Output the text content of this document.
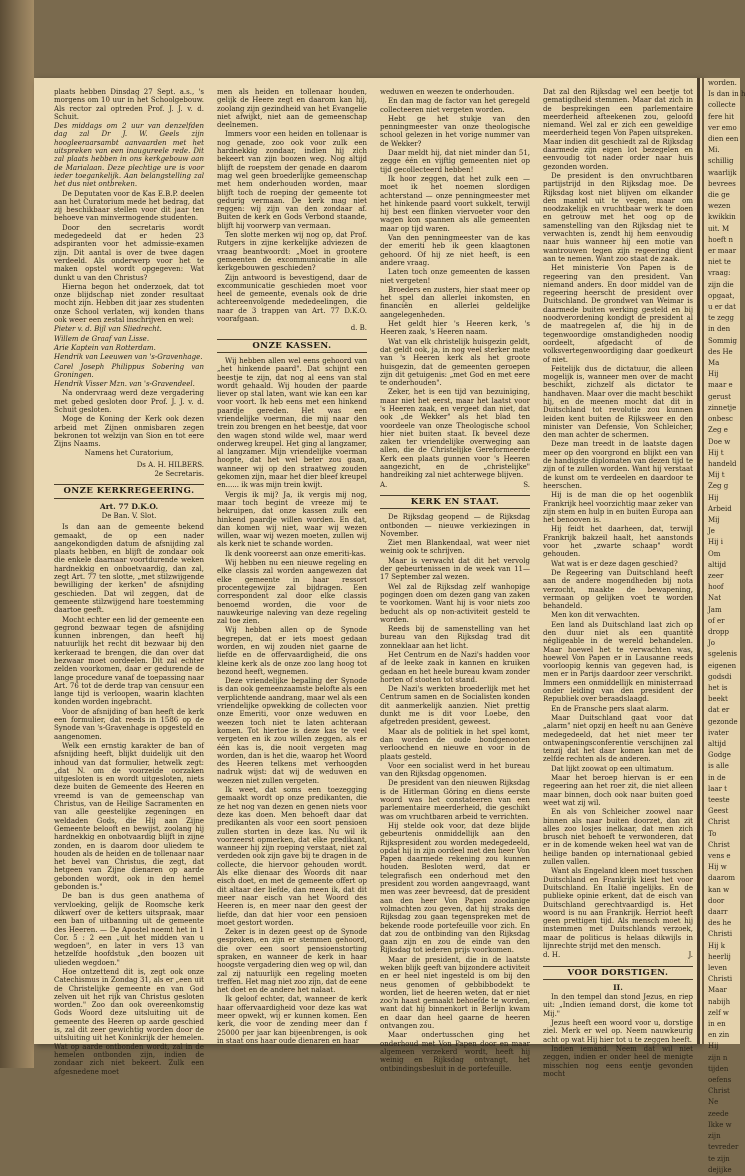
plaats hebben Dinsdag 27 Sept. a.s., 's morgens om 10 uur in het Schoolgebouw. Als rector zal optreden Prof. J. J. v. d. Schuit.

Des middags om 2 uur van denzelfden dag zal Dr J. W. Geels zijn hoogleeraarsambt aanvaarden met het uitspreken van een inaugureele rede. Dit zal plaats hebben in ons kerkgebouw aan de Marialaan. Deze plechtige ure is voor ieder toegankelijk. Aan belangstelling zal het dus niet ontbreken.

De Deputaten voor de Kas E.B.P. deelen aan het Curatorium mede het bedrag, dat zij beschikbaar stellen voor dit jaar ten behoeve van minvermogende studenten.

Door den secretaris wordt medegedeeld dat er heden 23 adspiranten voor het admissie-examen zijn. Dit aantal is over de twee dagen verdeeld. Als onderwerp voor het te maken opstel wordt opgegeven: Wat dunkt u van den Christus?

Hierna begon het onderzoek, dat tot onze blijdschap niet zonder resultaat mocht zijn. Hebben dit jaar zes studenten onze School verlaten, wij konden thans ook weer een zestal inschrijven en wel:

Pieter v. d. Bijl van Sliedrecht.

Willem de Graaf van Lisse.

Arie Kaptein van Rotterdam.

Hendrik van Leeuwen van 's-Gravenhage.

Carel Joseph Philippus Sobering van Groningen.

Hendrik Visser Mzn. van 's-Gravendeel.

Na ondervraag werd deze vergadering met gebed gesloten door Prof. J. J. v. d. Schuit gesloten.

Moge de Koning der Kerk ook dezen arbeid met Zijnen onmisbaren zegen bekronen tot welzijn van Sion en tot eere Zijns Naams.

Namens het Curatorium,
Ds A. H. HILBERS.
2e Secretaris.
ONZE KERKREGEERING.
Art. 77 D.K.O.
De Ban. V. Slot.

Is dan aan de gemeente bekend gemaakt, de op een nader aangekondigden datum de afsnijding zal plaats hebben, en blijft de zondaar ook die enkele daarnaar voortdurende weken hardnekkig en onboetvaardig, dan zal, zegt Art. 77 ten slotte, „met stilzwijgende bewilliging der kerken" de afsnijding geschieden. Dat wil zeggen, dat de gemeente stilzwijgend hare toestemming daartoe geeft.

Mocht echter een lid der gemeente een gegrond bezwaar tegen de afsnijding kunnen inbrengen, dan heeft hij natuurlijk het recht dit bezwaar bij den kerkeraad te brengen, die dan over dat bezwaar moet oordeelen. Dit zal echter zelden voorkomen, daar er gedurende de lange procedure vanaf de toepassing naar Art. 76 tot de derde trap van censuur een lange tijd is verloopen, waarin klachten konden worden ingebracht.

Voor de afsnijding of ban heeft de kerk een formulier, dat reeds in 1586 op de Synode van 's-Gravenhage is opgesteld en aangenomen.

Welk een ernstig karakter de ban of afsnijding heeft, blijkt duidelijk uit den inhoud van dat formulier, hetwelk zegt: „dat N. om de voorzeide oorzaken uitgesloten is en wordt uitgesloten, niets deze buiten de Gemeente des Heeren en vreemd is van de gemeenschap van Christus, van de Heilige Sacramenten en van alle geestelijke zegeningen en weldaden Gods, die Hij aan Zijne Gemeente belooft en bewijst, zoolang hij hardnekkig en onbotvaardig blijft in zijne zonden, en is daarom door uliedem te houden als de heiden en de tollenaar naar het bevel van Christus, die zegt, dat hetgeen van Zijne dienaren op aarde gebonden wordt, ook in den hemel gebonden is."

De ban is dus geen anathema of vervloeking, gelijk de Roomsche kerk dikwerf over de ketters uitspraak, maar een ban of uitbanning uit de gemeente des Heeren. — De Apostel noemt het in 1 Cor. 5 : 2 een „uit het midden van u wegdoen", en later in vers 13 van hetzelfde hoofdstuk „den boozen uit ulieden wegdoen."

Hoe ontzettend dit is, zegt ook onze Catechismus in Zondag 31, als er „een uit de Christelijke gemeente en van God zelven uit het rijk van Christus gesloten worden." Zoo dan ook overeenkomstig Gods Woord deze uitsluiting uit de gemeente des Heeren op aarde geschied is, zal dit zeer gewichtig worden door de uitsluiting uit het Koninkrijk der hemelen. Wat op aarde ontbonden wordt, zal in de hemelen ontbonden zijn, indien de zondaar zich niet bekeert. Zulk een afgesnedene moet

men als heiden en tollenaar houden, gelijk de Heere zegt en daarom kan hij, zoolang zijn gezindheid van het Evangelie niet afwijkt, niet aan de gemeenschap deelnemen.

Immers voor een heiden en tollenaar is nog genade, zoo ook voor zulk een hardnekkig zondaar, indien hij zich bekeert van zijn boozen weg. Nog altijd blijft de roepstem der genade en daarom mag wel geen broederlijke gemeenschap met hem onderhouden worden, maar blijft toch de roeping der gemeente tot gedurig vermaan. De kerk mag niet reggen: wij zijn van den zondaar af. Buiten de kerk en Gods Verbond staande, blijft hij voorwerp van vermaan.

Ten slotte merken wij nog op, dat Prof. Rutgers in zijne kerkelijke adviezen de vraag beantwoordt: „Moet in grootere gemeenten de excommunicatie in alle kerkgebouwen geschieden?

Zijn antwoord is bevestigend, daar de excommunicatie geschieden moet voor heel de gemeente, evenals ook de drie achtereenvolgende mededeelingen, die naar de 3 trappen van Art. 77 D.K.O. voorafgaan.

d. B.
ONZE KASSEN.

Wij hebben allen wel eens gehoord van „het hinkende paard". Dat schijnt een beestje te zijn, dat nog al eens van stal wordt gehaald. Wij houden der paarde liever op stal laten, want wie kan een kar voor voort. Ik heb eens met een hinkend paardje gereden. Het was een vriendelijke voerman, die mij naar den trein zou brengen en het beestje, dat voor den wagen stond wilde wel, maar werd onderweg kreupel. Het ging al langzamer, al langzamer. Mijn vriendelijke voerman hoopte, dat het wel beter zou gaan, wanneer wij op den straatweg zouden gekomen zijn, maar het dier bleef kreupel en...... ik was mijn trein kwijt.

Vergis ik mij? Ja, ik vergis mij nog, maar toch begint de vreeze mij te bekruipen, dat onze kassen zulk een hinkend paardje willen worden. En dat, dan komen wij niet, waar wij wezen willen, waar wij wezen moeten, zullen wij als kerk niet te schande worden.

Ik denk vooreerst aan onze emeriti-kas.

Wij hebben nu een nieuwe regeling en elke classis zal worden aangewezen dat elke gemeente in haar ressort procentegewijze zal bijdragen. Een correspondent zal door elke classis benoemd worden, die voor de nauwkeurige naleving van deze regeling zal toe zien.

Wij hebben allen op de Synode begrepen, dat er iets moest gedaan worden, en wij zouden niet gaarne de liefde en de offervaardigheid, die ons kleine kerk als de onze zoo lang hoog tot bezond heeft, wegnemen.

Deze vriendelijke bepaling der Synode is dan ook gemeenzaamste belofte als een verplichtende aandrang, maar wel als een vriendelijke opwekking de collecten voor onze Emeriti, voor onze weduwen en weezen toch niet te laten achteraan komen. Tot hiertoe is deze kas te veel vergeten en ik zou willen zeggen, als er één kas is, die nooit vergeten mag worden, dan is het die, waarop het Woord des Heeren telkens met verhoogden nadruk wijst: dat wij de weduwen en weezen niet zullen vergeten.

Ik weet, dat soms een toezegging gemaakt wordt op onze predikanten, die ze het nog van dezen en genen niets voor deze kas doen. Men behoeft daar dat predikanten als voor een soort pensioen zullen storten in deze kas. Nu wil ik voorzeerst opmerken, dat elke predikant, wanneer hij zijn roeping verstaat, niet zal verdeden ook zijn gave bij te dragen in de collecte, die hiervoor gehouden wordt. Als elke dienaar des Woords dit naar eisch doet, en met de gemeente offert op dit altaar der liefde, dan meen ik, dat dit meer naar eisch van het Woord des Heeren is, en meer naar den geest der liefde, dan dat hier voor een pensioen moet gestort worden.

Zeker is in dezen geest op de Synode gesproken, en zijn er stemmen gehoord, die over een soort pensioenstorting spraken, en wanneer de kerk in haar hoogste vergadering dien weg op wil, dan zal zij natuurlijk een regeling moeten treffen. Het mag niet zoo zijn, dat de eene het doet en de andere het nalaat.

Ik geloof echter, dat, wanneer de kerk haar offervaardigheid voor deze kas wat meer opwekt, wij er kunnen komen. Een kerk, die voor de zending meer dan f 25000 per jaar kan bijeenbrengen, is ook in staat ons haar oude dienaren en haar

weduwen en weezen te onderhouden.

En dan mag de factor van het geregeld collecteeren niet vergeten worden.

Hebt ge het stukje van den penningmeester van onze theologische school gelezen in het vorige nummer van de Wekker?

Daar meldt hij, dat niet minder dan 51, zegge één en vijftig gemeenten niet op tijd gecollecteerd hebben!

Ik hoor zeggen, dat het zulk een — moet ik het noemen slordigen achterstand — onze penningmeester met het hinkende paard voort sukkelt, terwijl hij best een flinken viervoeter voor den wagen kon spannen als alle gemeenten maar op tijd waren.

Van den penningmeester van de kas der emeriti heb ik geen klaagtonen gehoord. Of hij ze niet heeft, is een andere vraag.

Laten toch onze gemeenten de kassen niet vergeten!

Broeders en zusters, hier staat meer op het spel dan allerlei inkomsten, en financiën en allerlei geldelijke aangelegenheden.

Het geldt hier 's Heeren kerk, 's Heeren zaak, 's Heeren naam.

Wat van elk christelijk huisgezin geldt, dat geldt ook, ja, in nog veel sterker mate van 's Heeren kerk als het groote huisgezin, dat de gemeenten geroepen zijn dit getuigenis: „met God en met eere te onderhouden".

Zeker, het is een tijd van bezuiniging, maar niet het eerst, maar het laatst voor 's Heeren zaak, en vergeet dan niet, dat ook „de Wekker" als het blad ten voordeele van onze Theologische school hier niet buiten staat. Ik beveel deze zaken ter vriendelijke overweging aan allen, die de Christelijke Gereformeerde Kerk een plaats gunnen voor 's Heeren aangezicht, en de „christelijke" handreiking zal niet achterwege blijven.

A.	S.
KERK EN STAAT.

De Rijksdag geopend — de Rijksdag ontbonden — nieuwe verkiezingen in November.

Ziet men Blankendaal, wat weer niet weinig ook te schrijven.

Maar is verwacht dat dit het vervolg der gebeurtenissen in de week van 11—17 September zal wezen.

Wel zal de Rijksdag zelf wanhopige pogingen doen om dezen gang van zaken te voorkomen. Want hij is voor niets zoo beducht als op non-activiteit gesteld te worden.

Reeds bij de samenstelling van het bureau van den Rijksdag trad dit zonneklaar aan het licht.

Het Centrum en de Nazi's hadden voor af de leeke zaak in kannen en kruiken gedaan en het heele bureau kwam zonder horten of stooten tot stand.

De Nazi's werkten broederlijk met het Centrum samen en de Socialisten konden dit aanmerkelijk aanzien. Niet prettig dunkt me is dit voor Loebe, den afgetreden president, geweest.

Maar als de politiek in het spel komt, dan worden de oude bondgenooten verloochend en nieuwe en voor in de plaats gesteld.

Voor een socialist werd in het bureau van den Rijksdag opgenomen.

De president van den nieuwen Rijksdag is de Hitlerman Göring en diens eerste woord was het constateeren van een parlementaire meerderheid, die geschikt was om vruchtbaren arbeid te verrichten.

Hij stelde ook voor, dat deze blijde gebeurtenis onmiddellijk aan den Rijkspresident zou worden medegedeeld, opdat hij in zijn oordeel met den heer Von Papen daarmede rekening zou kunnen houden. Besloten werd, dat er telegrafisch een onderhoud met den president zou worden aangevraagd, want men was zeer bevreesd, dat de president aan den heer Von Papen zoodanige volmachten zou geven, dat hij straks den Rijksdag zou gaan tegenspreken met de bekende roode portefeuille voor zich. En dat zou de ontbinding van den Rijksdag gaan zijn en zou de einde van den Rijksdag tot iederen prijs voorkomen.

Maar de president, die in de laatste weken blijk geeft van bijzondere activiteit en er heel niet ingesteld is om bij den neus genomen of gebbibbodekt te worden, liet de heeren weten, dat er niet zoo'n haast gemaakt behoefde te worden, want dat hij binnenkort in Berlijn kwam en daar dan heel gaarne de heeren ontvangen zou.

Maar ondertusschen ging het onderhoud met Von Papen door en maar algemeen verzekerd wordt, heeft hij weinig en Rijksdag ontvangt, het ontbindingsbesluit in de portefeuille.

Dat zal den Rijksdag wel een beetje tot gematigdheid stemmen. Maar dat zich in de besprekingen een parlementaire meerderheid afteekenen zou, geloofd niemand. Wel zal er zich een geweldige meerderheid tegen Von Papen uitspreken. Maar indien dit geschiedt zal de Rijksdag daarmede zijn eigen lot bezegelen en eenvoudig tot nader order naar huis gezonden worden.

De president is den onvruchtbaren partijstrijd in den Rijksdag moe. De Rijksdag kost niet blijven om elkander den mantel uit te vegen, maar om noodzakelijk en vruchtbaar werk te doen en getrouw met het oog op de samenstelling van den Rijksdag niet te verwachten is, zendt hij hem eenvoudig naar huis wanneer hij een motie van wantrouwen tegen zijn regeering dient aan te nemen. Want zoo staat de zaak.

Het ministerie Von Papen is de regeering van den president. Van niemand anders. En door middel van de regeering heerscht de president over Duitschland. De grondwet van Weimar is daarmede buiten werking gesteld en bij noodverordening kondigt de president al de maatregelen af, die hij in de tegenwoordige omstandigheden noodig oordeelt, afgedacht of de volksvertegenwoordiging daar goedkeurt of niet.

Feitelijk dus de dictatuur, die alleen mogelijk is, wanneer men over de macht beschikt, zichzelf als dictator te handhaven. Maar over die macht beschikt hij, en de meenen mocht dat dit in Duitschland tot revolutie zou kunnen leiden kent buiten de Rijksweer en den minister van Defensie, Von Schleicher, den man achter de schermen.

Deze man treedt in de laatste dagen meer op den voorgrond en blijkt een van de handigste diplomaten van dezen tijd te zijn of te zullen worden. Want hij verstaat de kunst om te verdeelen en daardoor te heerschen.

Hij is de man die op het oogenblik Frankrijk heel voorzichtig maar zeker van zijn stem en hulp in en buiten Europa aan het benooven is.

Hij feidt het daarheen, dat, terwijl Frankrijk bakzeil haalt, het aanstonds voor het „zwarte schaap" wordt gehouden.

Wat wat is er deze dagen geschied?

De Regeering van Duitschland heeft aan de andere mogendheden bij nota verzocht, maakte de bewapening, vermaan op gelijken voet te worden behandeld.

Men kon dit verwachten.

Een land als Duitschland laat zich op den duur niet als een quantité négligeable in de wereld behandelen. Maar hoewel het te verwachten was, hoewel Von Papen er in Lausanne reeds voorloopig kennis van gegeven had, is men er in Parijs daardoor zeer verschrikt. Immers een onmiddellijk en ministerraad onder leiding van den president der Republiek over beraadslaagd.

En de Fransche pers slaat alarm.

Maar Duitschland gaat voor dat „alarm" niet opzij en heeft nu aan Genève medegedeeld, dat het niet meer ter ontwapeningsconferentie verschijnen zal tenzij dat het daar komen kan met de zelfde rechten als de anderen.

Dat lijkt zoowat op een ultimatum.

Maar het beroep hiervan is er een regeering aan het roer zit, die niet alleen maar binnen, doch ook naar buiten goed weet wat zij wil.

En als von Schleicher zoowel naar binnen als naar buiten doorzet, dan zit alles zoo losjes inelkaar, dat men zich brusch niet behoeft te verwonderen, dat er in de komende weken heel wat van de heilige banden op internationaal gebied zullen vallen.

Want als Engeland kleen moet tusschen Duitschland en Frankrijk kiest het voor Duitschland. En Italië ingelijks. En de publieke opinie erkent, dat de eisch van Duitschland gerechtvaardigd is. Het woord is nu aan Frankrijk. Herriot heeft geen prettigen tijd. Als mensch moet hij instemmen met Duitschlands verzoek, maar de politicus is helaas dikwijls in lijnrechte strijd met den mensch.

d. H.	J.
VOOR DORSTIGEN.
II.

In den tempel dan stond Jezus, en riep uit: „Indien iemand dorst, die kome tot Mij."

Jezus heeft een woord voor u, dorstige ziel. Merk er wel op. Neem nauwkeurig acht op wat Hij hier tot u te zeggen heeft.

Indien iemand. Neem dat wil niet zeggen, indien er onder heel de menigte misschien nog eens eentje gevonden mocht

worden.
Is dan in h
collecte
fere hit
ver emo
dien een
Mi.
schillig
waarlijk
bevrees
die ge
wezen
kwikkin
uit. M
hoeft n
er maar
niet te
vraag:
zijn die
opgaat,
u er dat
te zegg
in den
Sommig
des He
Ma
Hij
maar e
gerust
zinnetje
onbesc
Zeg e
Doe w
Hij t
handeld
Mij t
Zeg g
Hij
Arbeid
Mij
Je
Hij i
Om
altijd
zeer
hoof
Nat
Jam
of er
dropp
Jo
sgelenis
eigenen
godsdi
het is
beekt
dat er
gezonde
ivater
altijd
Godge
is alle
in de
laar t
teeste
Geest
Christ
To
Christ
vens e
Hij w
daarom
kan w
door
daarr
des he
Christi
Hij k
heerlij
leven
Christi
Maar
nabijh
zelf w
in en
en zin
Hij
zijn n
tijden
oefens
Christ
Ne
zeede
Ikke w
zijn
tevreder
te zijn
dejijke
